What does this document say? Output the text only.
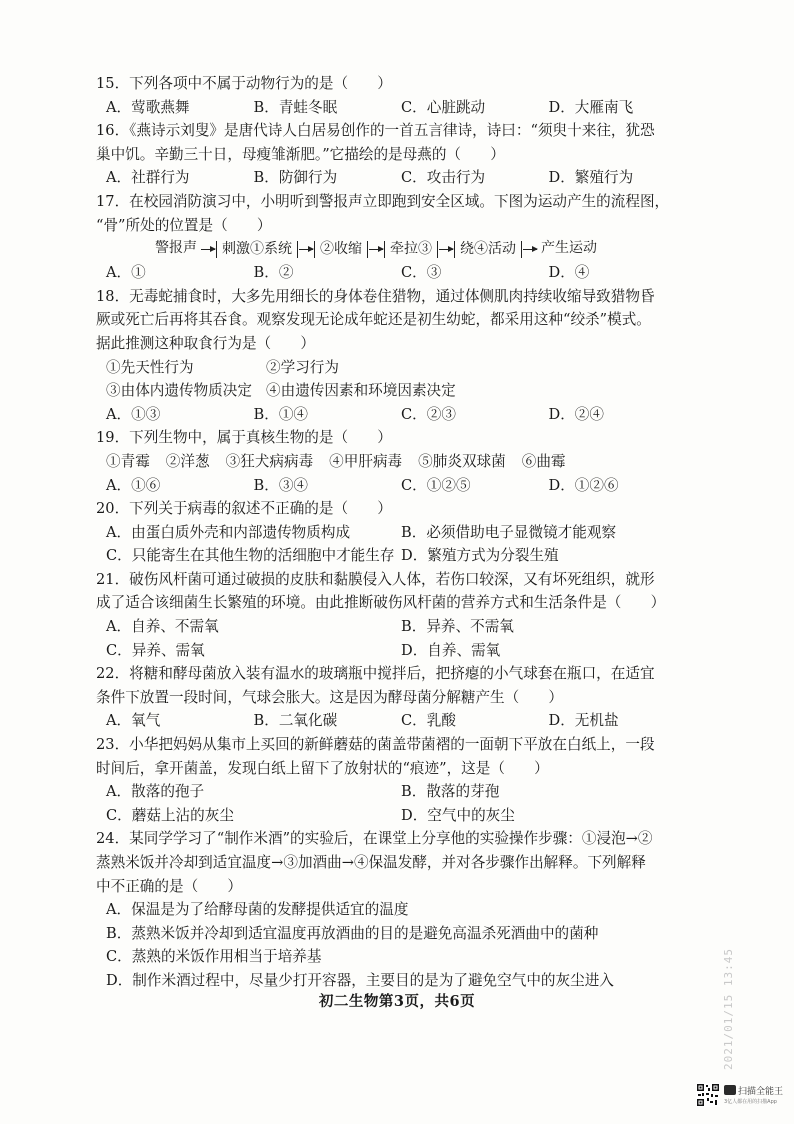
15．下列各项中不属于动物行为的是（　　）
A．莺歌燕舞	B．青蛙冬眠	C．心脏跳动	D．大雁南飞
16．《燕诗示刘叟》是唐代诗人白居易创作的一首五言律诗，诗曰：“须臾十来往，犹恐
巢中饥。辛勤三十日，母瘦雏渐肥。”它描绘的是母燕的（　　）
A．社群行为	B．防御行为	C．攻击行为	D．繁殖行为
17．在校园消防演习中，小明听到警报声立即跑到安全区域。下图为运动产生的流程图，
“骨”所处的位置是（　　）
警报声	刺激①系统	②收缩	牵拉③	绕④活动	产生运动
A．①	B．②	C．③	D．④
18．无毒蛇捕食时，大多先用细长的身体卷住猎物，通过体侧肌肉持续收缩导致猎物昏
厥或死亡后再将其吞食。观察发现无论成年蛇还是初生幼蛇，都采用这种“绞杀”模式。
据此推测这种取食行为是（　　）
①先天性行为	②学习行为
③由体内遗传物质决定 ④由遗传因素和环境因素决定
A．①③	B．①④	C．②③	D．②④
19．下列生物中，属于真核生物的是（　　）
①青霉 ②洋葱 ③狂犬病病毒 ④甲肝病毒 ⑤肺炎双球菌 ⑥曲霉
A．①⑥	B．③④	C．①②⑤	D．①②⑥
20．下列关于病毒的叙述不正确的是（　　）
A．由蛋白质外壳和内部遗传物质构成	B．必须借助电子显微镜才能观察
C．只能寄生在其他生物的活细胞中才能生存 D．繁殖方式为分裂生殖
21．破伤风杆菌可通过破损的皮肤和黏膜侵入人体，若伤口较深，又有坏死组织，就形
成了适合该细菌生长繁殖的环境。由此推断破伤风杆菌的营养方式和生活条件是（　　）
A．自养、不需氧	B．异养、不需氧
C．异养、需氧	D．自养、需氧
22．将糖和酵母菌放入装有温水的玻璃瓶中搅拌后，把挤瘪的小气球套在瓶口，在适宜
条件下放置一段时间，气球会胀大。这是因为酵母菌分解糖产生（　　）
A．氧气	B．二氧化碳	C．乳酸	D．无机盐
23．小华把妈妈从集市上买回的新鲜蘑菇的菌盖带菌褶的一面朝下平放在白纸上，一段
时间后，拿开菌盖，发现白纸上留下了放射状的“痕迹”，这是（　　）
A．散落的孢子	B．散落的芽孢
C．蘑菇上沾的灰尘	D．空气中的灰尘
24．某同学学习了“制作米酒”的实验后，在课堂上分享他的实验操作步骤：①浸泡→②
蒸熟米饭并冷却到适宜温度→③加酒曲→④保温发酵，并对各步骤作出解释。下列解释
中不正确的是（　　）
A．保温是为了给酵母菌的发酵提供适宜的温度
B．蒸熟米饭并冷却到适宜温度再放酒曲的目的是避免高温杀死酒曲中的菌种
C．蒸熟的米饭作用相当于培养基
D．制作米酒过程中，尽量少打开容器，主要目的是为了避免空气中的灰尘进入
初二生物第3页，共6页	2021/01/15 13:45
扫描全能王
3亿人都在用的扫描App
